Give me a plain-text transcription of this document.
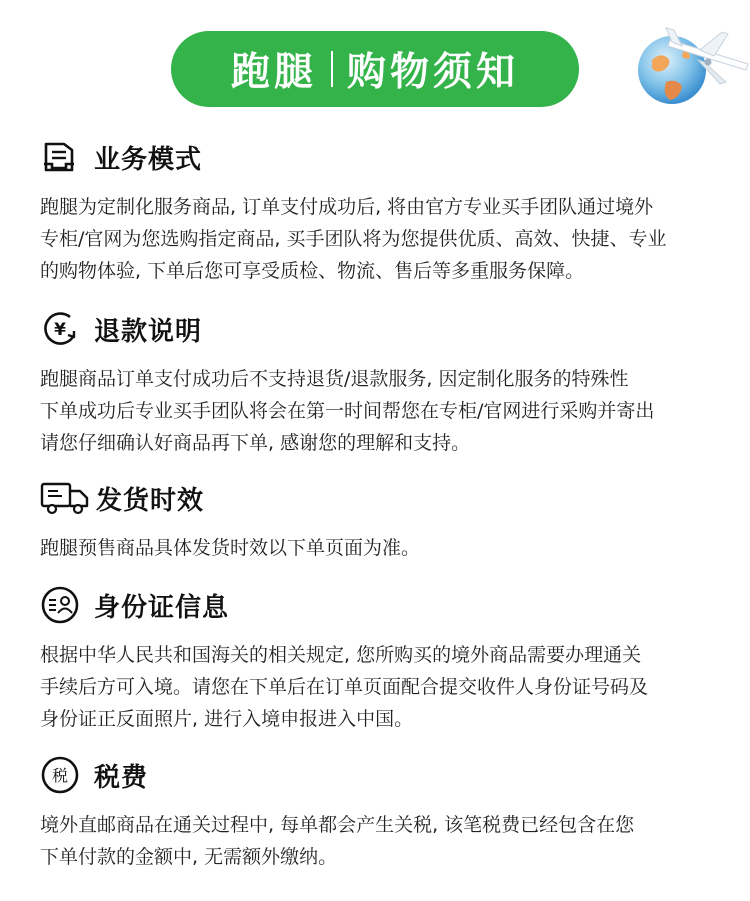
跑腿 购物须知
业务模式

跑腿为定制化服务商品, 订单支付成功后, 将由官方专业买手团队通过境外

专柜/官网为您选购指定商品, 买手团队将为您提供优质、高效、快捷、专业

的购物体验, 下单后您可享受质检、物流、售后等多重服务保障。

¥ 退款说明

跑腿商品订单支付成功后不支持退货/退款服务, 因定制化服务的特殊性

下单成功后专业买手团队将会在第一时间帮您在专柜/官网进行采购并寄出

请您仔细确认好商品再下单, 感谢您的理解和支持。

发货时效

跑腿预售商品具体发货时效以下单页面为准。

身份证信息

根据中华人民共和国海关的相关规定, 您所购买的境外商品需要办理通关

手续后方可入境。请您在下单后在订单页面配合提交收件人身份证号码及

身份证正反面照片, 进行入境申报进入中国。

税 税费

境外直邮商品在通关过程中, 每单都会产生关税, 该笔税费已经包含在您

下单付款的金额中, 无需额外缴纳。
